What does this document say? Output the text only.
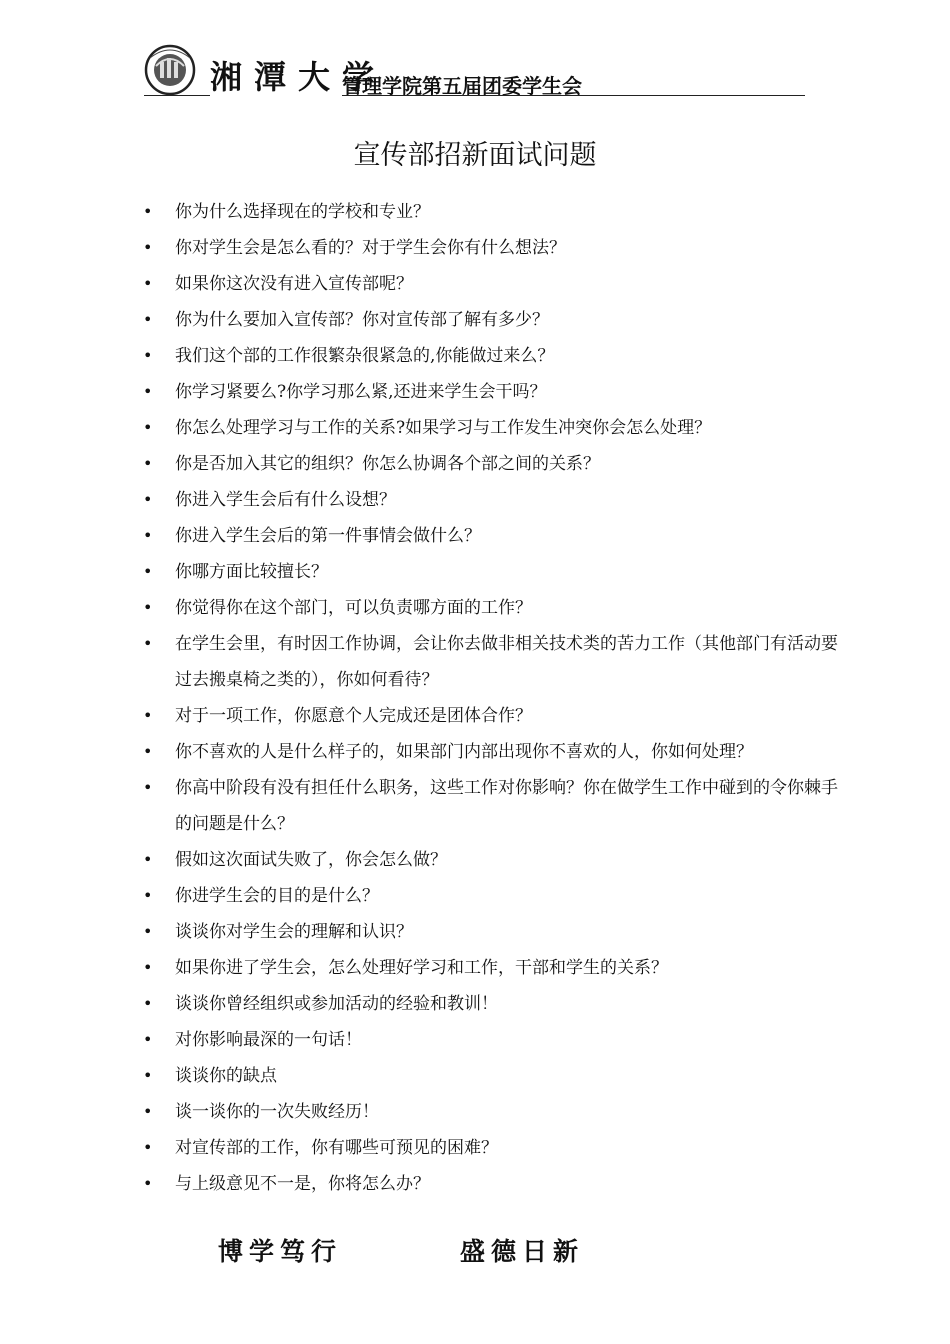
湘潭大学
管理学院第五届团委学生会
宣传部招新面试问题
• 你为什么选择现在的学校和专业？
• 你对学生会是怎么看的？对于学生会你有什么想法？
• 如果你这次没有进入宣传部呢？
• 你为什么要加入宣传部？你对宣传部了解有多少？
• 我们这个部的工作很繁杂很紧急的,你能做过来么？
• 你学习紧要么?你学习那么紧,还进来学生会干吗？
• 你怎么处理学习与工作的关系?如果学习与工作发生冲突你会怎么处理？
• 你是否加入其它的组织？你怎么协调各个部之间的关系？
• 你进入学生会后有什么设想？
• 你进入学生会后的第一件事情会做什么？
• 你哪方面比较擅长？
• 你觉得你在这个部门，可以负责哪方面的工作？
• 在学生会里，有时因工作协调，会让你去做非相关技术类的苦力工作（其他部门有活动要过去搬桌椅之类的），你如何看待？
• 对于一项工作，你愿意个人完成还是团体合作？
• 你不喜欢的人是什么样子的，如果部门内部出现你不喜欢的人，你如何处理？
• 你高中阶段有没有担任什么职务，这些工作对你影响？你在做学生工作中碰到的令你棘手的问题是什么？
• 假如这次面试失败了，你会怎么做？
• 你进学生会的目的是什么？
• 谈谈你对学生会的理解和认识？
• 如果你进了学生会，怎么处理好学习和工作，干部和学生的关系？
• 谈谈你曾经组织或参加活动的经验和教训！
• 对你影响最深的一句话！
• 谈谈你的缺点
• 谈一谈你的一次失败经历！
• 对宣传部的工作，你有哪些可预见的困难？
• 与上级意见不一是，你将怎么办？
博学笃行	盛德日新
